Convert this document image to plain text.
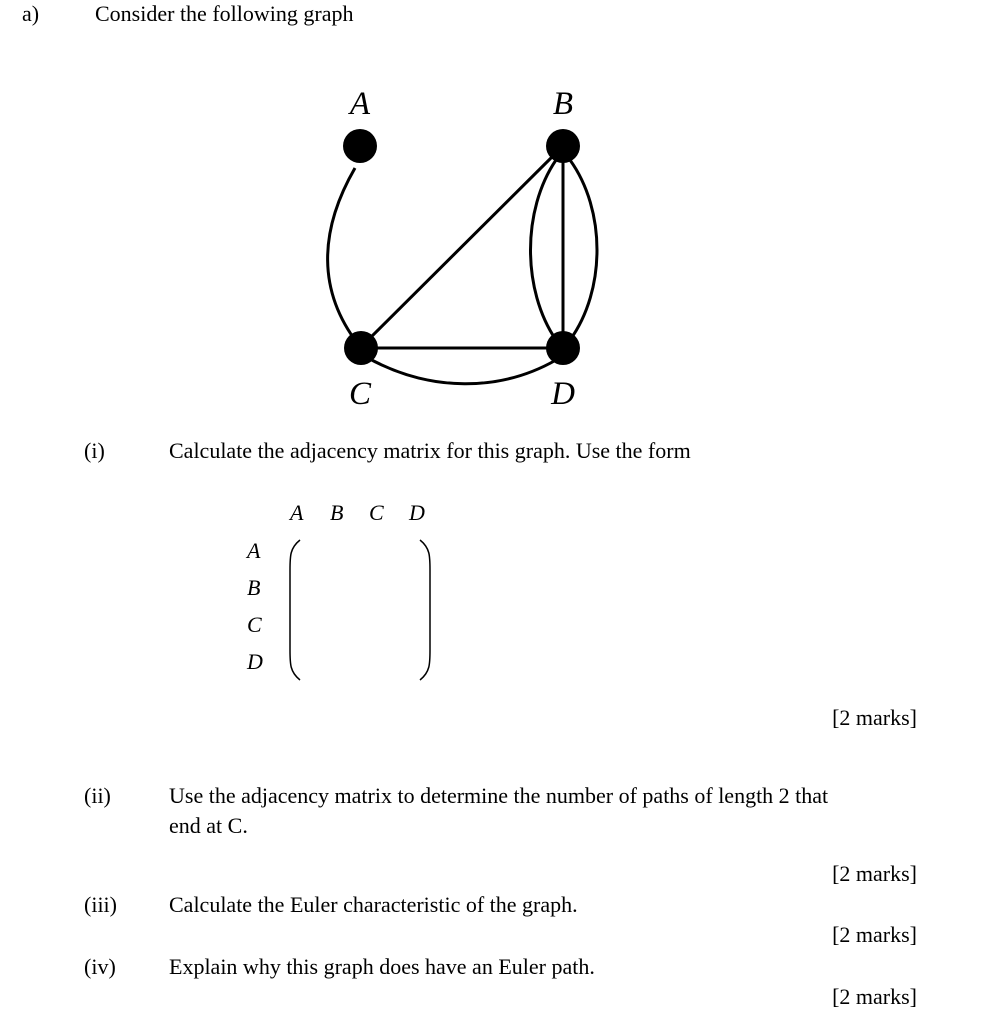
a)	Consider the following graph
A	B
C	D
(i)	Calculate the adjacency matrix for this graph. Use the form
A B C D
A
B
C
D
[2 marks]
(ii)	Use the adjacency matrix to determine the number of paths of length 2 that
end at C.
[2 marks]
(iii) Calculate the Euler characteristic of the graph.
[2 marks]
(iv) Explain why this graph does have an Euler path.
[2 marks]
